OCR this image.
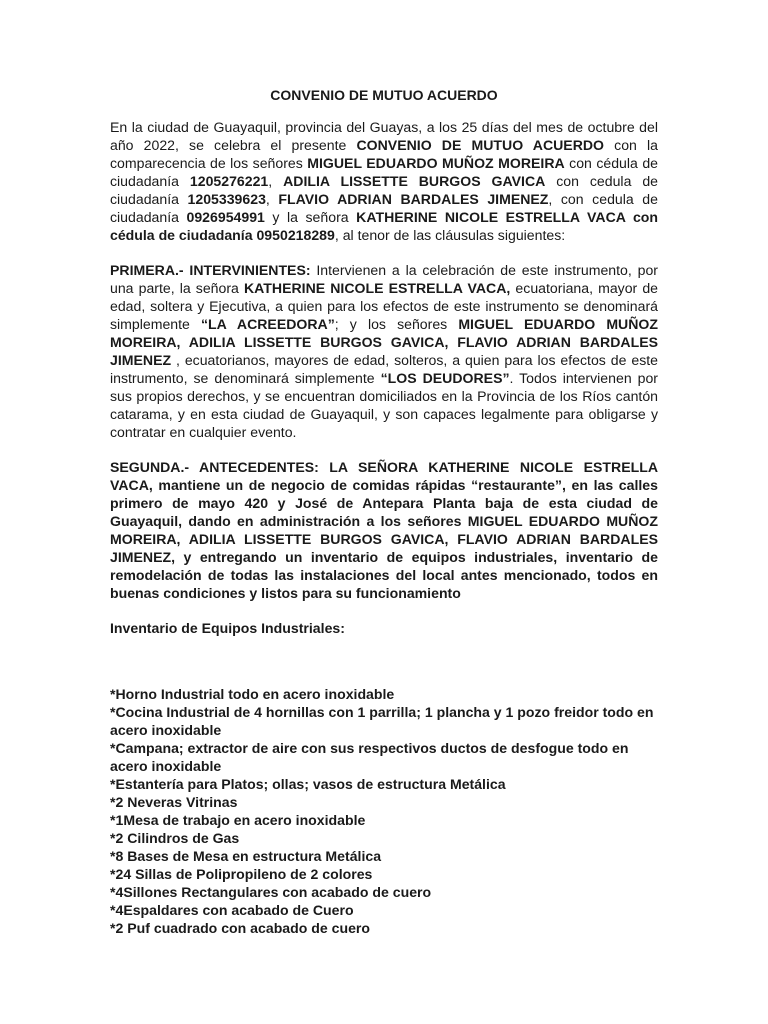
CONVENIO DE MUTUO ACUERDO

En la ciudad de Guayaquil, provincia del Guayas, a los 25 días del mes de octubre del año 2022, se celebra el presente CONVENIO DE MUTUO ACUERDO con la comparecencia de los señores MIGUEL EDUARDO MUÑOZ MOREIRA con cédula de ciudadanía 1205276221, ADILIA LISSETTE BURGOS GAVICA con cedula de ciudadanía 1205339623, FLAVIO ADRIAN BARDALES JIMENEZ, con cedula de ciudadanía 0926954991 y la señora KATHERINE NICOLE ESTRELLA VACA con cédula de ciudadanía 0950218289, al tenor de las cláusulas siguientes:

PRIMERA.- INTERVINIENTES: Intervienen a la celebración de este instrumento, por una parte, la señora KATHERINE NICOLE ESTRELLA VACA, ecuatoriana, mayor de edad, soltera y Ejecutiva, a quien para los efectos de este instrumento se denominará simplemente “LA ACREEDORA”; y los señores MIGUEL EDUARDO MUÑOZ MOREIRA, ADILIA LISSETTE BURGOS GAVICA, FLAVIO ADRIAN BARDALES JIMENEZ , ecuatorianos, mayores de edad, solteros, a quien para los efectos de este instrumento, se denominará simplemente “LOS DEUDORES”. Todos intervienen por sus propios derechos, y se encuentran domiciliados en la Provincia de los Ríos cantón catarama, y en esta ciudad de Guayaquil, y son capaces legalmente para obligarse y contratar en cualquier evento.

SEGUNDA.- ANTECEDENTES: LA SEÑORA KATHERINE NICOLE ESTRELLA VACA, mantiene un de negocio de comidas rápidas “restaurante”, en las calles primero de mayo 420 y José de Antepara Planta baja de esta ciudad de Guayaquil, dando en administración a los señores MIGUEL EDUARDO MUÑOZ MOREIRA, ADILIA LISSETTE BURGOS GAVICA, FLAVIO ADRIAN BARDALES JIMENEZ, y entregando un inventario de equipos industriales, inventario de remodelación de todas las instalaciones del local antes mencionado, todos en buenas condiciones y listos para su funcionamiento

Inventario de Equipos Industriales:
*Horno Industrial todo en acero inoxidable
*Cocina Industrial de 4 hornillas con 1 parrilla; 1 plancha y 1 pozo freidor todo en acero inoxidable
*Campana; extractor de aire con sus respectivos ductos de desfogue todo en acero inoxidable
*Estantería para Platos; ollas; vasos de estructura Metálica
*2 Neveras Vitrinas
*1Mesa de trabajo en acero inoxidable
*2 Cilindros de Gas
*8 Bases de Mesa en estructura Metálica
*24 Sillas de Polipropileno de 2 colores
*4Sillones Rectangulares con acabado de cuero
*4Espaldares con acabado de Cuero
*2 Puf cuadrado con acabado de cuero
